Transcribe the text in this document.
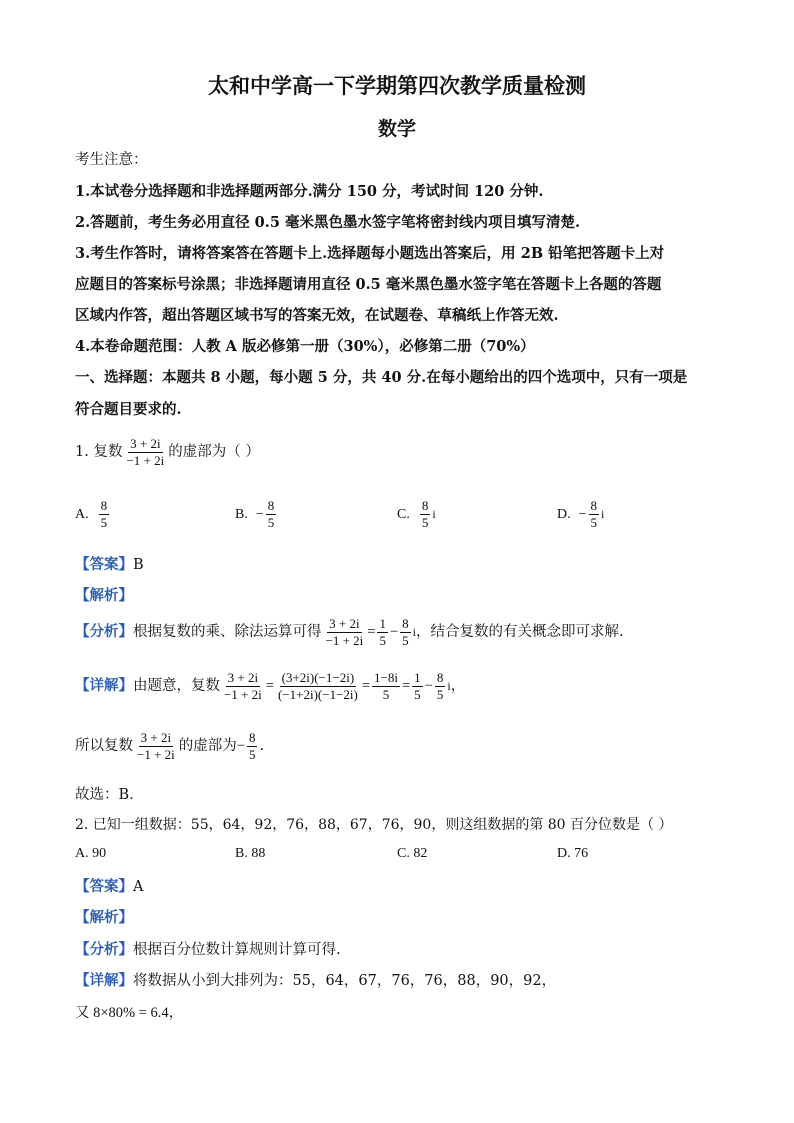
太和中学高一下学期第四次教学质量检测
数学
考生注意：
1.本试卷分选择题和非选择题两部分.满分 150 分，考试时间 120 分钟.
2.答题前，考生务必用直径 0.5 毫米黑色墨水签字笔将密封线内项目填写清楚.
3.考生作答时，请将答案答在答题卡上.选择题每小题选出答案后，用 2B 铅笔把答题卡上对
应题目的答案标号涂黑；非选择题请用直径 0.5 毫米黑色墨水签字笔在答题卡上各题的答题
区域内作答，超出答题区域书写的答案无效，在试题卷、草稿纸上作答无效.
4.本卷命题范围：人教 A 版必修第一册（30%），必修第二册（70%）
一、选择题：本题共 8 小题，每小题 5 分，共 40 分.在每小题给出的四个选项中，只有一项是
符合题目要求的.
1. 复数 $\frac{3 + 2i}{-1 + 2i}$ 的虚部为（ ）
A. $\frac{8}{5}$	B. − $\frac{8}{5}$	C. $\frac{8}{5}$ i	D. − $\frac{8}{5}$ i
【答案】B
【解析】
【分析】 根据复数的乘、除法运算可得 $\frac{3 + 2i}{-1 + 2i} = \frac{1}{5} - \frac{8}{5}$ i ，结合复数的有关概念即可求解.
【详解】 由题意，复数 $\frac{3 + 2i}{-1 + 2i} = \frac{(3+2i)(-1-2i)}{(-1+2i)(-1-2i)} = \frac{1-8i}{5} = \frac{1}{5} - \frac{8}{5}$ i ，
所以复数 $\frac{3 + 2i}{-1 + 2i}$ 的虚部为 − $\frac{8}{5}$ .
故选：B．
2. 已知一组数据：55，64，92，76，88，67，76，90，则这组数据的第 80 百分位数是（ ）
A. 90	B. 88	C. 82	D. 76
【答案】A
【解析】
【分析】根据百分位数计算规则计算可得.
【详解】将数据从小到大排列为：55，64，67，76，76，88，90，92，
又 8×80% = 6.4，
